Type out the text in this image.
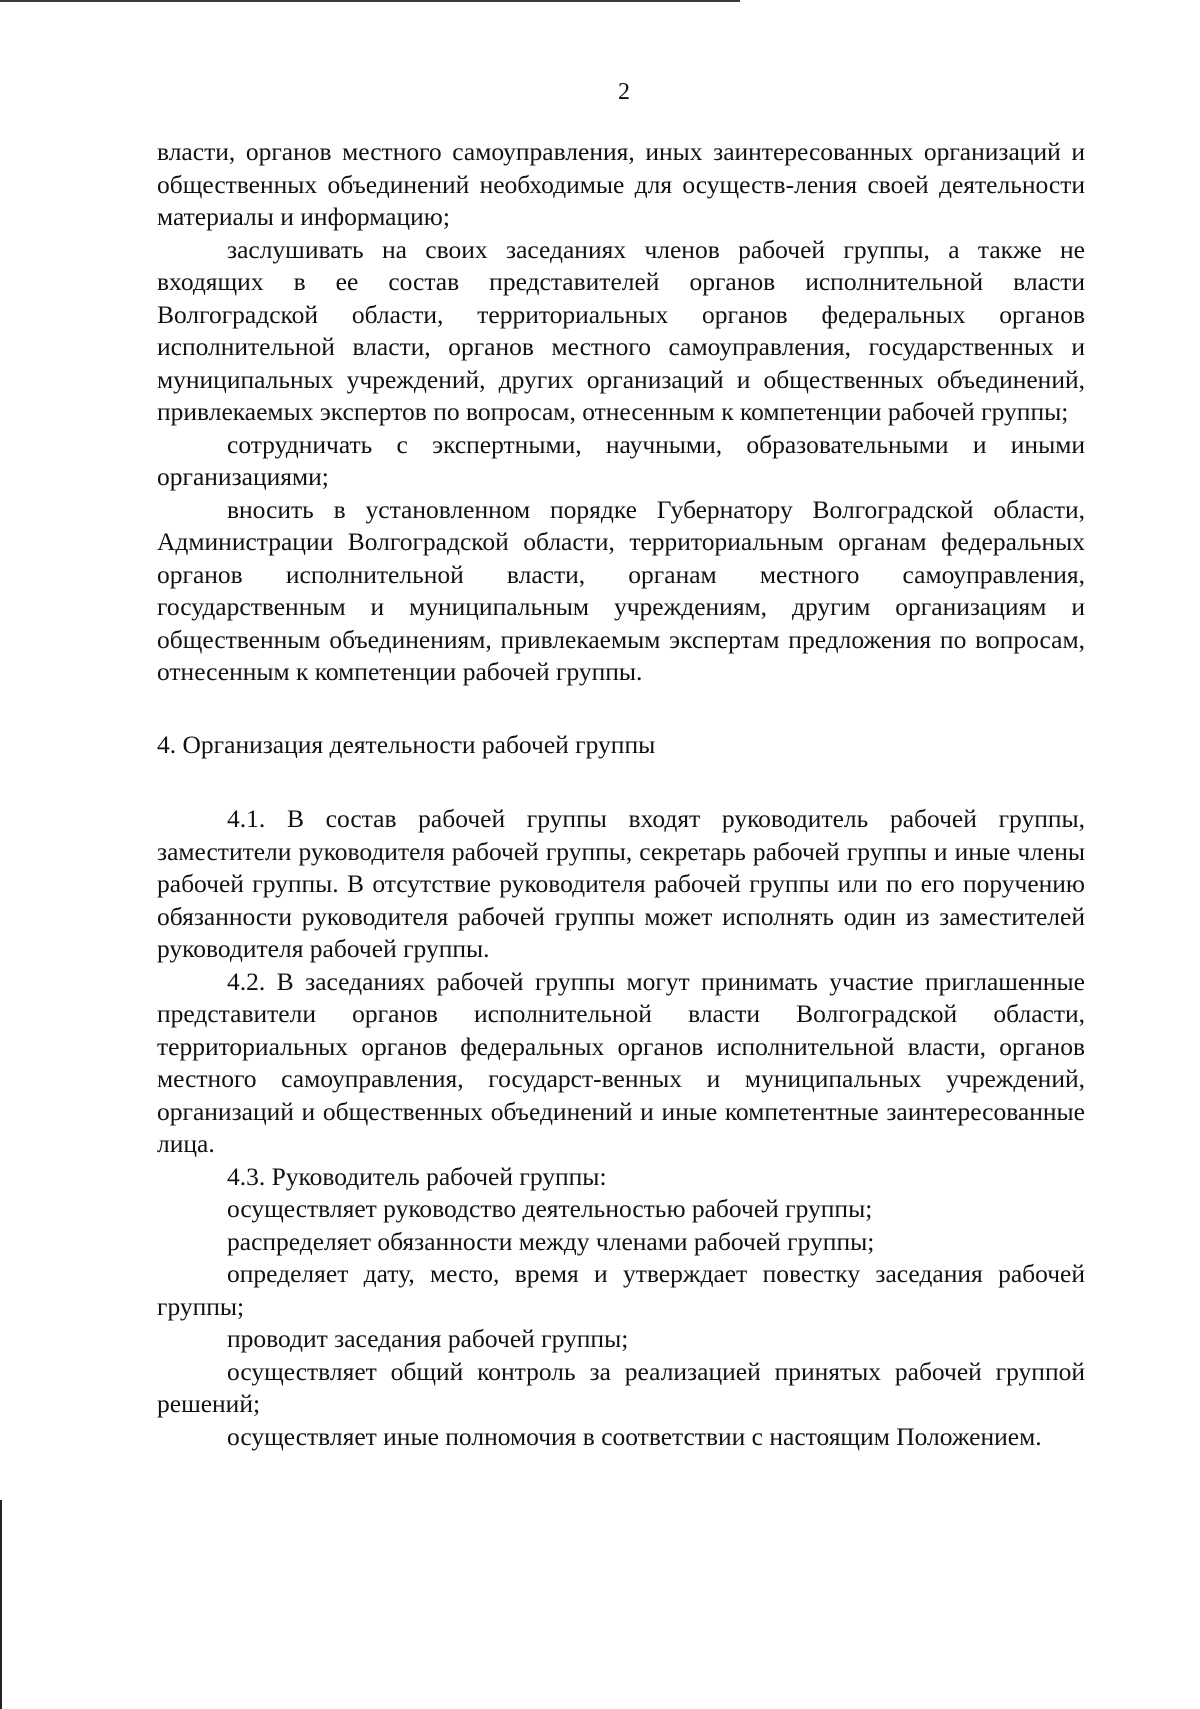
2

власти, органов местного самоуправления, иных заинтересованных организаций и общественных объединений необходимые для осуществ-ления своей деятельности материалы и информацию;

заслушивать на своих заседаниях членов рабочей группы, а также не входящих в ее состав представителей органов исполнительной власти Волгоградской области, территориальных органов федеральных органов исполнительной власти, органов местного самоуправления, государственных и муниципальных учреждений, других организаций и общественных объединений, привлекаемых экспертов по вопросам, отнесенным к компетенции рабочей группы;

сотрудничать с экспертными, научными, образовательными и иными организациями;

вносить в установленном порядке Губернатору Волгоградской области, Администрации Волгоградской области, территориальным органам федеральных органов исполнительной власти, органам местного самоуправления, государственным и муниципальным учреждениям, другим организациям и общественным объединениям, привлекаемым экспертам предложения по вопросам, отнесенным к компетенции рабочей группы.

4. Организация деятельности рабочей группы

4.1. В состав рабочей группы входят руководитель рабочей группы, заместители руководителя рабочей группы, секретарь рабочей группы и иные члены рабочей группы. В отсутствие руководителя рабочей группы или по его поручению обязанности руководителя рабочей группы может исполнять один из заместителей руководителя рабочей группы.

4.2. В заседаниях рабочей группы могут принимать участие приглашенные представители органов исполнительной власти Волгоградской области, территориальных органов федеральных органов исполнительной власти, органов местного самоуправления, государст-венных и муниципальных учреждений, организаций и общественных объединений и иные компетентные заинтересованные лица.

4.3. Руководитель рабочей группы:

осуществляет руководство деятельностью рабочей группы;

распределяет обязанности между членами рабочей группы;

определяет дату, место, время и утверждает повестку заседания рабочей группы;

проводит заседания рабочей группы;

осуществляет общий контроль за реализацией принятых рабочей группой решений;

осуществляет иные полномочия в соответствии с настоящим Положением.
